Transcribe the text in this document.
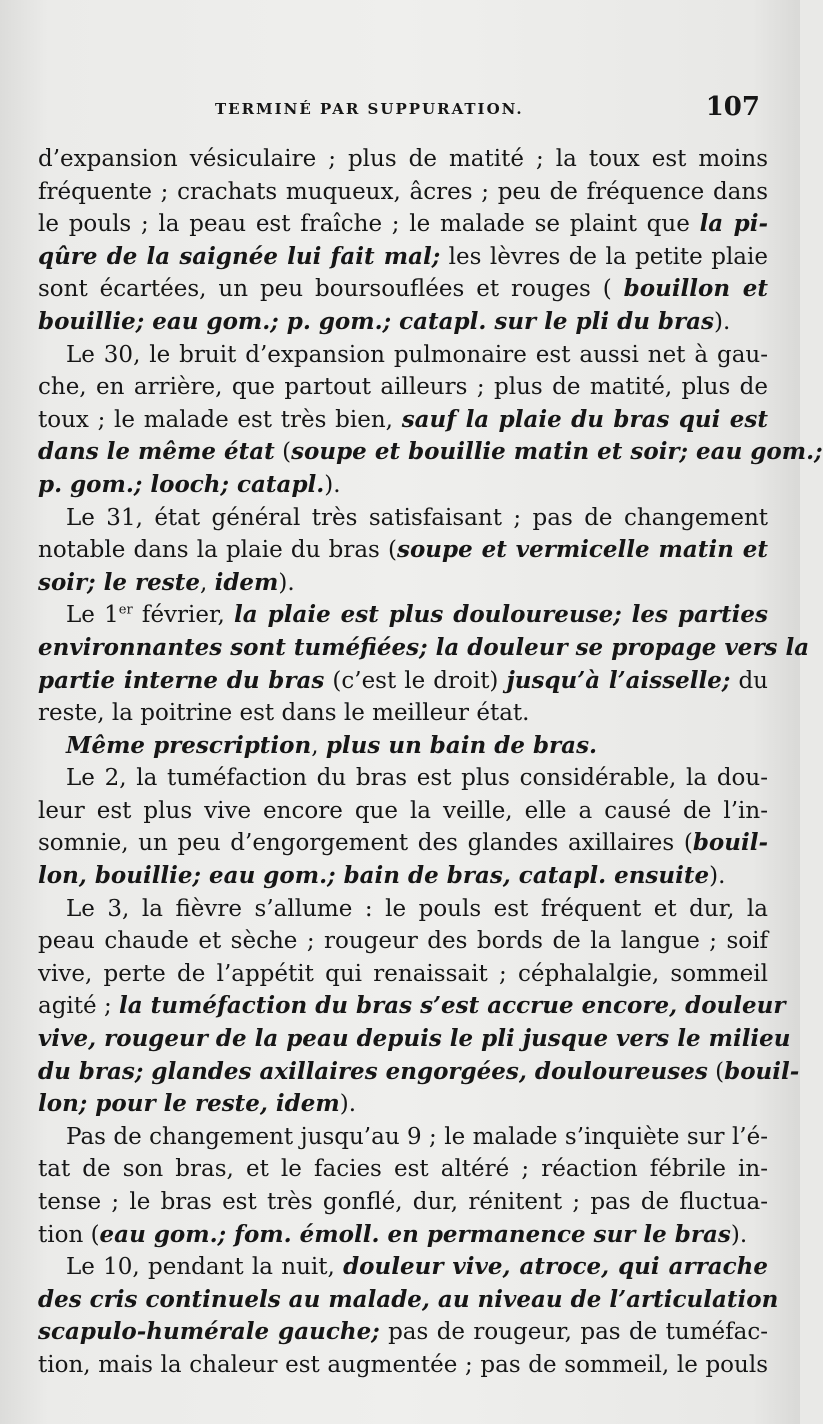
TERMINÉ PAR SUPPURATION.	107
d’expansion vésiculaire ; plus de matité ; la toux est moins
fréquente ; crachats muqueux, âcres ; peu de fréquence dans
le pouls ; la peau est fraîche ; le malade se plaint que la pi-
qûre de la saignée lui fait mal; les lèvres de la petite plaie
sont écartées, un peu boursouflées et rouges ( bouillon et
bouillie; eau gom.; p. gom.; catapl. sur le pli du bras).
Le 30, le bruit d’expansion pulmonaire est aussi net à gau-
che, en arrière, que partout ailleurs ; plus de matité, plus de
toux ; le malade est très bien, sauf la plaie du bras qui est
dans le même état (soupe et bouillie matin et soir; eau gom.;
p. gom.; looch; catapl.).
Le 31, état général très satisfaisant ; pas de changement
notable dans la plaie du bras (soupe et vermicelle matin et
soir; le reste, idem).
Le 1er février, la plaie est plus douloureuse; les parties
environnantes sont tuméfiées; la douleur se propage vers la
partie interne du bras (c’est le droit) jusqu’à l’aisselle; du
reste, la poitrine est dans le meilleur état.
Même prescription, plus un bain de bras.
Le 2, la tuméfaction du bras est plus considérable, la dou-
leur est plus vive encore que la veille, elle a causé de l’in-
somnie, un peu d’engorgement des glandes axillaires (bouil-
lon, bouillie; eau gom.; bain de bras, catapl. ensuite).
Le 3, la fièvre s’allume : le pouls est fréquent et dur, la
peau chaude et sèche ; rougeur des bords de la langue ; soif
vive, perte de l’appétit qui renaissait ; céphalalgie, sommeil
agité ; la tuméfaction du bras s’est accrue encore, douleur
vive, rougeur de la peau depuis le pli jusque vers le milieu
du bras; glandes axillaires engorgées, douloureuses (bouil-
lon; pour le reste, idem).
Pas de changement jusqu’au 9 ; le malade s’inquiète sur l’é-
tat de son bras, et le facies est altéré ; réaction fébrile in-
tense ; le bras est très gonflé, dur, rénitent ; pas de fluctua-
tion (eau gom.; fom. émoll. en permanence sur le bras).
Le 10, pendant la nuit, douleur vive, atroce, qui arrache
des cris continuels au malade, au niveau de l’articulation
scapulo-humérale gauche; pas de rougeur, pas de tuméfac-
tion, mais la chaleur est augmentée ; pas de sommeil, le pouls
